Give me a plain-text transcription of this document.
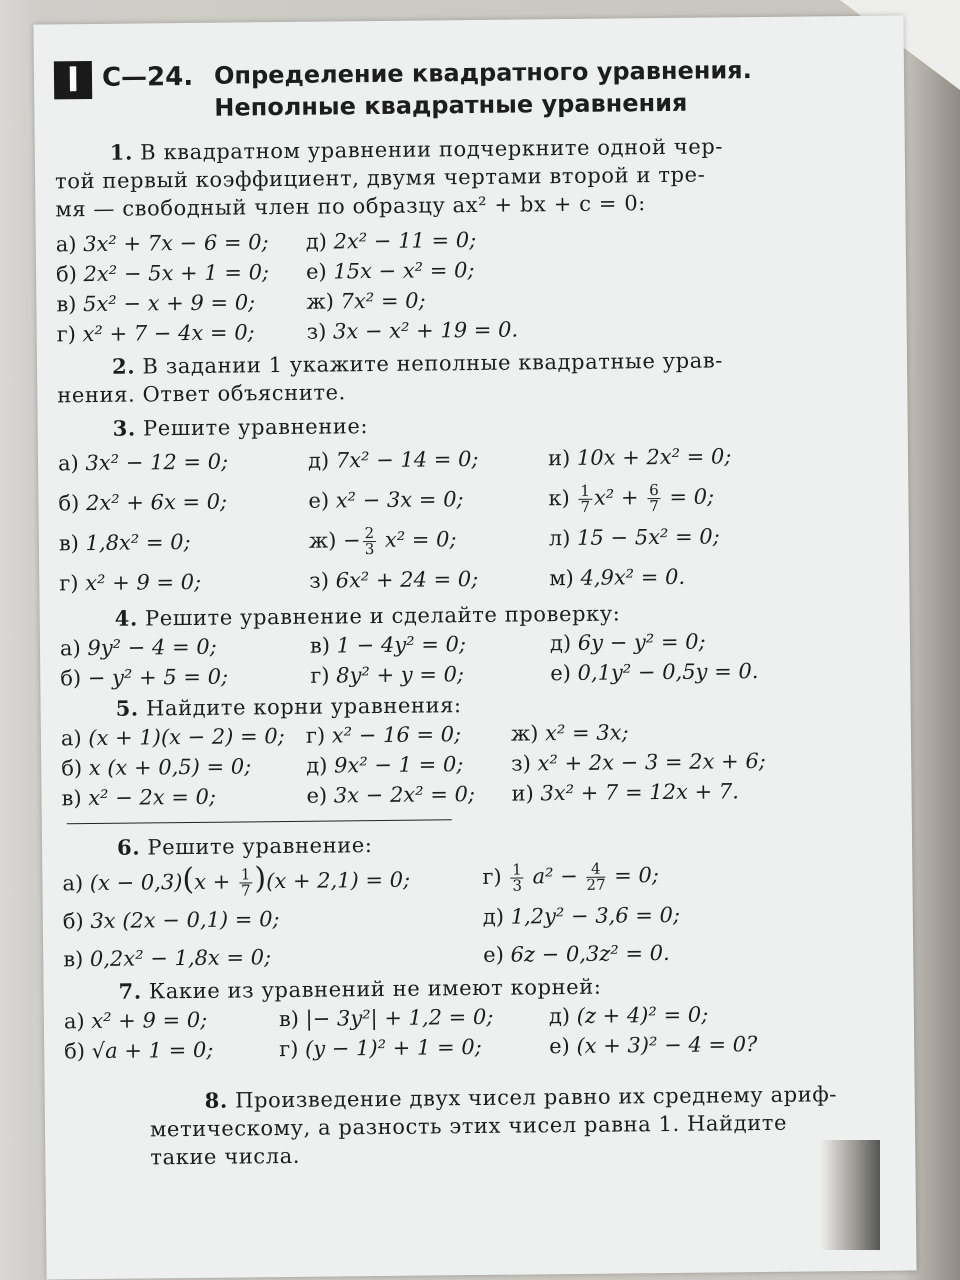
I С—24. Определение квадратного уравнения.
Неполные квадратные уравнения
1. В квадратном уравнении подчеркните одной чер-
той первый коэффициент, двумя чертами второй и тре-
мя — свободный член по образцу ax² + bx + c = 0:
а) 3x² + 7x − 6 = 0;	д) 2x² − 11 = 0;
б) 2x² − 5x + 1 = 0;	е) 15x − x² = 0;
в) 5x² − x + 9 = 0;	ж) 7x² = 0;
г) x² + 7 − 4x = 0;	з) 3x − x² + 19 = 0.
2. В задании 1 укажите неполные квадратные урав-
нения. Ответ объясните.
3. Решите уравнение:
а) 3x² − 12 = 0;	д) 7x² − 14 = 0;	и) 10x + 2x² = 0;
б) 2x² + 6x = 0;	е) x² − 3x = 0;	$к) \frac{1}{7} x^2 + \frac{6}{7} = 0$;
в) 1,8x² = 0;	$ж) - \frac{2}{3} x^2 = 0$;	л) 15 − 5x² = 0;
г) x² + 9 = 0;	з) 6x² + 24 = 0;	м) 4,9x² = 0.
4. Решите уравнение и сделайте проверку:
а) 9y² − 4 = 0;	в) 1 − 4y² = 0;	д) 6y − y² = 0;
б) − y² + 5 = 0;	г) 8y² + y = 0;	е) 0,1y² − 0,5y = 0.
5. Найдите корни уравнения:
а) (x + 1)(x − 2) = 0; г) x² − 16 = 0;	ж) x² = 3x;
б) x (x + 0,5) = 0;	д) 9x² − 1 = 0;	з) x² + 2x − 3 = 2x + 6;
в) x² − 2x = 0;	е) 3x − 2x² = 0;	и) 3x² + 7 = 12x + 7.
6. Решите уравнение:
а) $(x - 0,3)(x + \frac{1}{7} )(x + 2,1) = 0$;	$г) \frac{1}{3} a^2 - \frac{4}{27} = 0$;
б) 3x (2x − 0,1) = 0;	д) 1,2y² − 3,6 = 0;
в) 0,2x² − 1,8x = 0;	е) 6z − 0,3z² = 0.
7. Какие из уравнений не имеют корней:
а) x² + 9 = 0;	в) |− 3y²| + 1,2 = 0;	д) (z + 4)² = 0;
б) √a + 1 = 0;	г) (y − 1)² + 1 = 0;	е) (x + 3)² − 4 = 0?
8. Произведение двух чисел равно их среднему ариф-
метическому, а разность этих чисел равна 1. Найдите
такие числа.
